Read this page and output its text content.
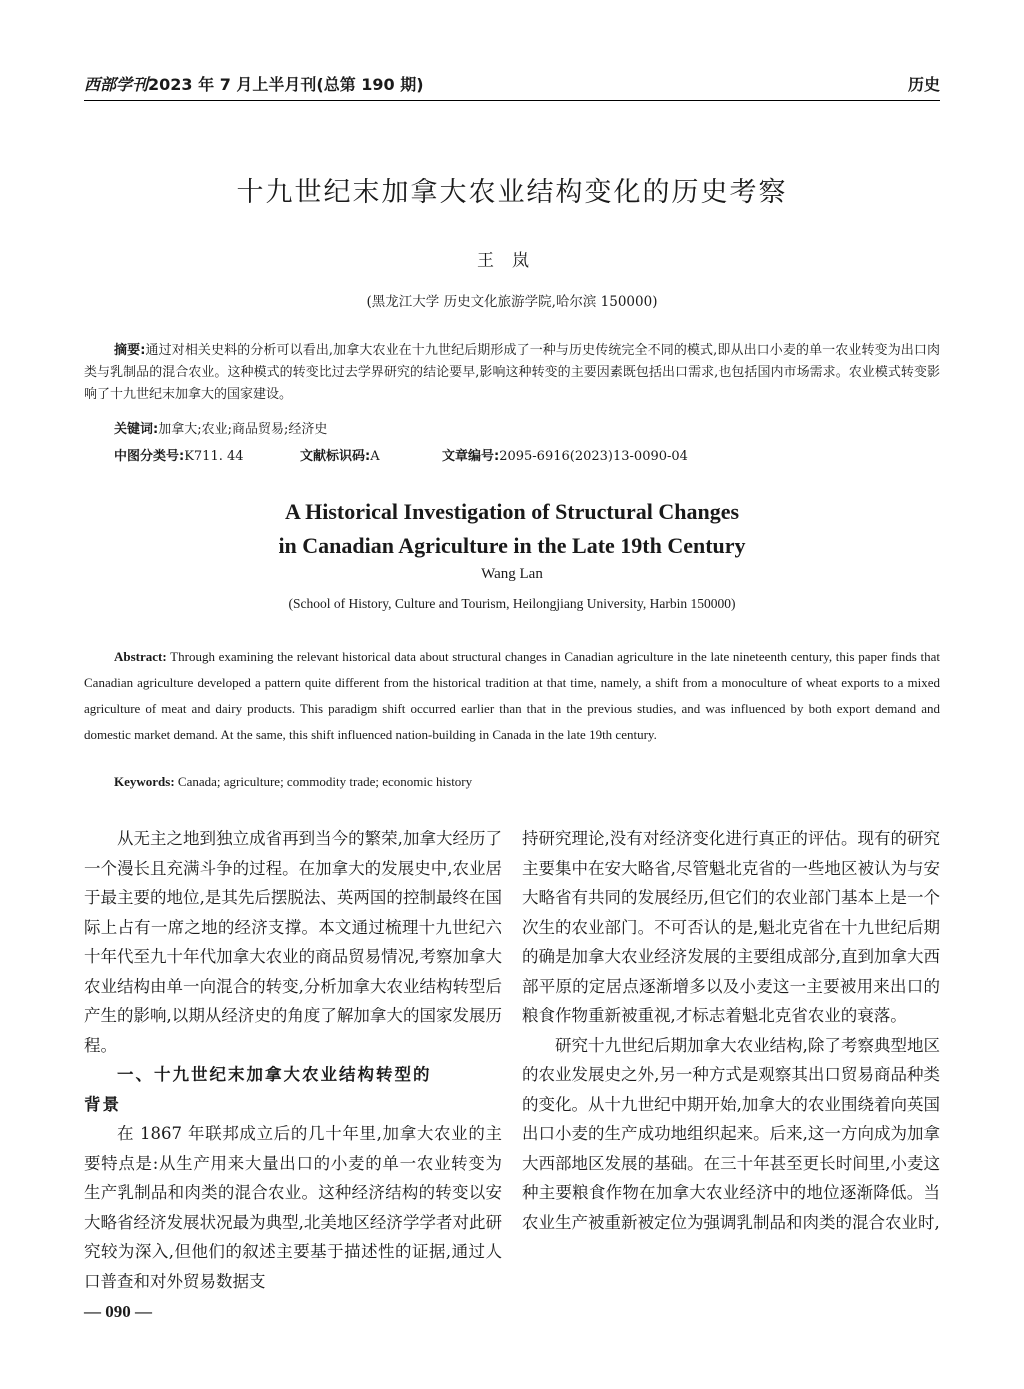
西部学刊2023 年 7 月上半月刊(总第 190 期)	历史
十九世纪末加拿大农业结构变化的历史考察
王岚
(黑龙江大学 历史文化旅游学院,哈尔滨 150000)
摘要:通过对相关史料的分析可以看出,加拿大农业在十九世纪后期形成了一种与历史传统完全不同的模式,即从出口小麦的单一农业转变为出口肉类与乳制品的混合农业。这种模式的转变比过去学界研究的结论要早,影响这种转变的主要因素既包括出口需求,也包括国内市场需求。农业模式转变影响了十九世纪末加拿大的国家建设。
关键词:加拿大;农业;商品贸易;经济史
中图分类号:K711. 44	文献标识码:A	文章编号:2095-6916(2023)13-0090-04
A Historical Investigation of Structural Changes
in Canadian Agriculture in the Late 19th Century
Wang Lan
(School of History, Culture and Tourism, Heilongjiang University, Harbin 150000)
Abstract: Through examining the relevant historical data about structural changes in Canadian agriculture in the late nineteenth century, this paper finds that Canadian agriculture developed a pattern quite different from the historical tradition at that time, namely, a shift from a monoculture of wheat exports to a mixed agriculture of meat and dairy products. This paradigm shift occurred earlier than that in the previous studies, and was influenced by both export demand and domestic market demand. At the same, this shift influenced nation-building in Canada in the late 19th century.
Keywords: Canada; agriculture; commodity trade; economic history

从无主之地到独立成省再到当今的繁荣,加拿大经历了一个漫长且充满斗争的过程。在加拿大的发展史中,农业居于最主要的地位,是其先后摆脱法、英两国的控制最终在国际上占有一席之地的经济支撑。本文通过梳理十九世纪六十年代至九十年代加拿大农业的商品贸易情况,考察加拿大农业结构由单一向混合的转变,分析加拿大农业结构转型后产生的影响,以期从经济史的角度了解加拿大的国家发展历程。

一、十九世纪末加拿大农业结构转型的
背景

在 1867 年联邦成立后的几十年里,加拿大农业的主要特点是:从生产用来大量出口的小麦的单一农业转变为生产乳制品和肉类的混合农业。这种经济结构的转变以安大略省经济发展状况最为典型,北美地区经济学学者对此研究较为深入,但他们的叙述主要基于描述性的证据,通过人口普查和对外贸易数据支

持研究理论,没有对经济变化进行真正的评估。现有的研究主要集中在安大略省,尽管魁北克省的一些地区被认为与安大略省有共同的发展经历,但它们的农业部门基本上是一个次生的农业部门。不可否认的是,魁北克省在十九世纪后期的确是加拿大农业经济发展的主要组成部分,直到加拿大西部平原的定居点逐渐增多以及小麦这一主要被用来出口的粮食作物重新被重视,才标志着魁北克省农业的衰落。

研究十九世纪后期加拿大农业结构,除了考察典型地区的农业发展史之外,另一种方式是观察其出口贸易商品种类的变化。从十九世纪中期开始,加拿大的农业围绕着向英国出口小麦的生产成功地组织起来。后来,这一方向成为加拿大西部地区发展的基础。在三十年甚至更长时间里,小麦这种主要粮食作物在加拿大农业经济中的地位逐渐降低。当农业生产被重新被定位为强调乳制品和肉类的混合农业时,

— 090 —
